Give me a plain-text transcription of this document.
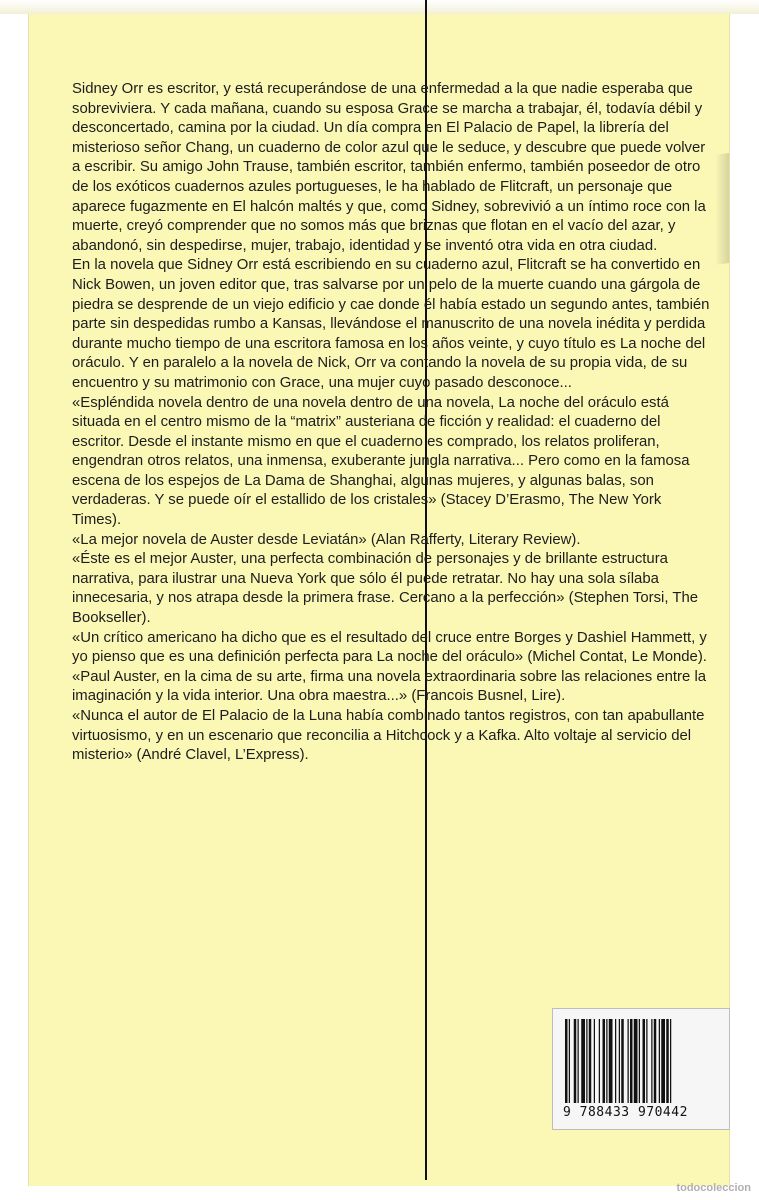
Sidney Orr es escritor, y está recuperándose de una enfermedad a la que nadie esperaba que sobreviviera. Y cada mañana, cuando su esposa Grace se marcha a trabajar, él, todavía débil y desconcertado, camina por la ciudad. Un día compra en El Palacio de Papel, la librería del misterioso señor Chang, un cuaderno de color azul que le seduce, y descubre que puede volver a escribir. Su amigo John Trause, también escritor, también enfermo, también poseedor de otro de los exóticos cuadernos azules portugueses, le ha hablado de Flitcraft, un personaje que aparece fugazmente en El halcón maltés y que, como Sidney, sobrevivió a un íntimo roce con la muerte, creyó comprender que no somos más que briznas que flotan en el vacío del azar, y abandonó, sin despedirse, mujer, trabajo, identidad y se inventó otra vida en otra ciudad.

En la novela que Sidney Orr está escribiendo en su cuaderno azul, Flitcraft se ha convertido en Nick Bowen, un joven editor que, tras salvarse por un pelo de la muerte cuando una gárgola de piedra se desprende de un viejo edificio y cae donde él había estado un segundo antes, también parte sin despedidas rumbo a Kansas, llevándose el manuscrito de una novela inédita y perdida durante mucho tiempo de una escritora famosa en los años veinte, y cuyo título es La noche del oráculo. Y en paralelo a la novela de Nick, Orr va contando la novela de su propia vida, de su encuentro y su matrimonio con Grace, una mujer cuyo pasado desconoce...

«Espléndida novela dentro de una novela dentro de una novela, La noche del oráculo está situada en el centro mismo de la “matrix” austeriana de ficción y realidad: el cuaderno del escritor. Desde el instante mismo en que el cuaderno es comprado, los relatos proliferan, engendran otros relatos, una inmensa, exuberante jungla narrativa... Pero como en la famosa escena de los espejos de La Dama de Shanghai, algunas mujeres, y algunas balas, son verdaderas. Y se puede oír el estallido de los cristales» (Stacey D’Erasmo, The New York Times).

«La mejor novela de Auster desde Leviatán» (Alan Rafferty, Literary Review).

«Éste es el mejor Auster, una perfecta combinación de personajes y de brillante estructura narrativa, para ilustrar una Nueva York que sólo él puede retratar. No hay una sola sílaba innecesaria, y nos atrapa desde la primera frase. Cercano a la perfección» (Stephen Torsi, The Bookseller).

«Un crítico americano ha dicho que es el resultado del cruce entre Borges y Dashiel Hammett, y yo pienso que es una definición perfecta para La noche del oráculo» (Michel Contat, Le Monde).

«Paul Auster, en la cima de su arte, firma una novela extraordinaria sobre las relaciones entre la imaginación y la vida interior. Una obra maestra...» (Francois Busnel, Lire).

«Nunca el autor de El Palacio de la Luna había combinado tantos registros, con tan apabullante virtuosismo, y en un escenario que reconcilia a Hitchcock y a Kafka. Alto voltaje al servicio del misterio» (André Clavel, L’Express).

9 788433 970442
todocoleccion
